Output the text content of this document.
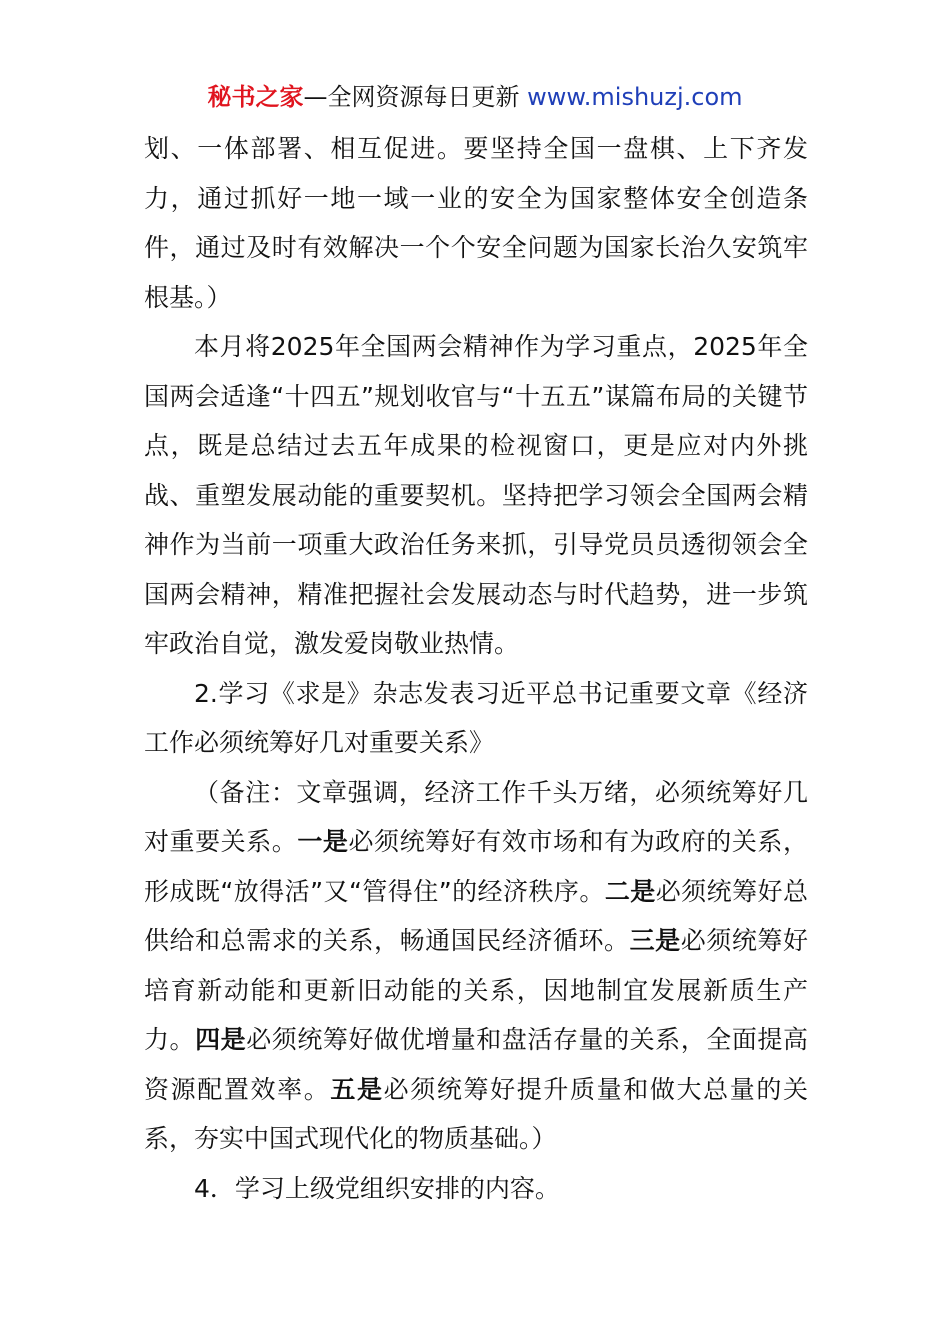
秘书之家—全网资源每日更新 www.mishuzj.com

划、一体部署、相互促进。要坚持全国一盘棋、上下齐发力，通过抓好一地一域一业的安全为国家整体安全创造条件，通过及时有效解决一个个安全问题为国家长治久安筑牢根基。）

本月将2025年全国两会精神作为学习重点，2025年全国两会适逢“十四五”规划收官与“十五五”谋篇布局的关键节点，既是总结过去五年成果的检视窗口，更是应对内外挑战、重塑发展动能的重要契机。坚持把学习领会全国两会精神作为当前一项重大政治任务来抓，引导党员员透彻领会全国两会精神，精准把握社会发展动态与时代趋势，进一步筑牢政治自觉，激发爱岗敬业热情。

2.学习《求是》杂志发表习近平总书记重要文章《经济工作必须统筹好几对重要关系》

（备注：文章强调，经济工作千头万绪，必须统筹好几对重要关系。一是必须统筹好有效市场和有为政府的关系，形成既“放得活”又“管得住”的经济秩序。二是必须统筹好总供给和总需求的关系，畅通国民经济循环。三是必须统筹好培育新动能和更新旧动能的关系，因地制宜发展新质生产力。四是必须统筹好做优增量和盘活存量的关系，全面提高资源配置效率。五是必须统筹好提升质量和做大总量的关系，夯实中国式现代化的物质基础。）

4．学习上级党组织安排的内容。
